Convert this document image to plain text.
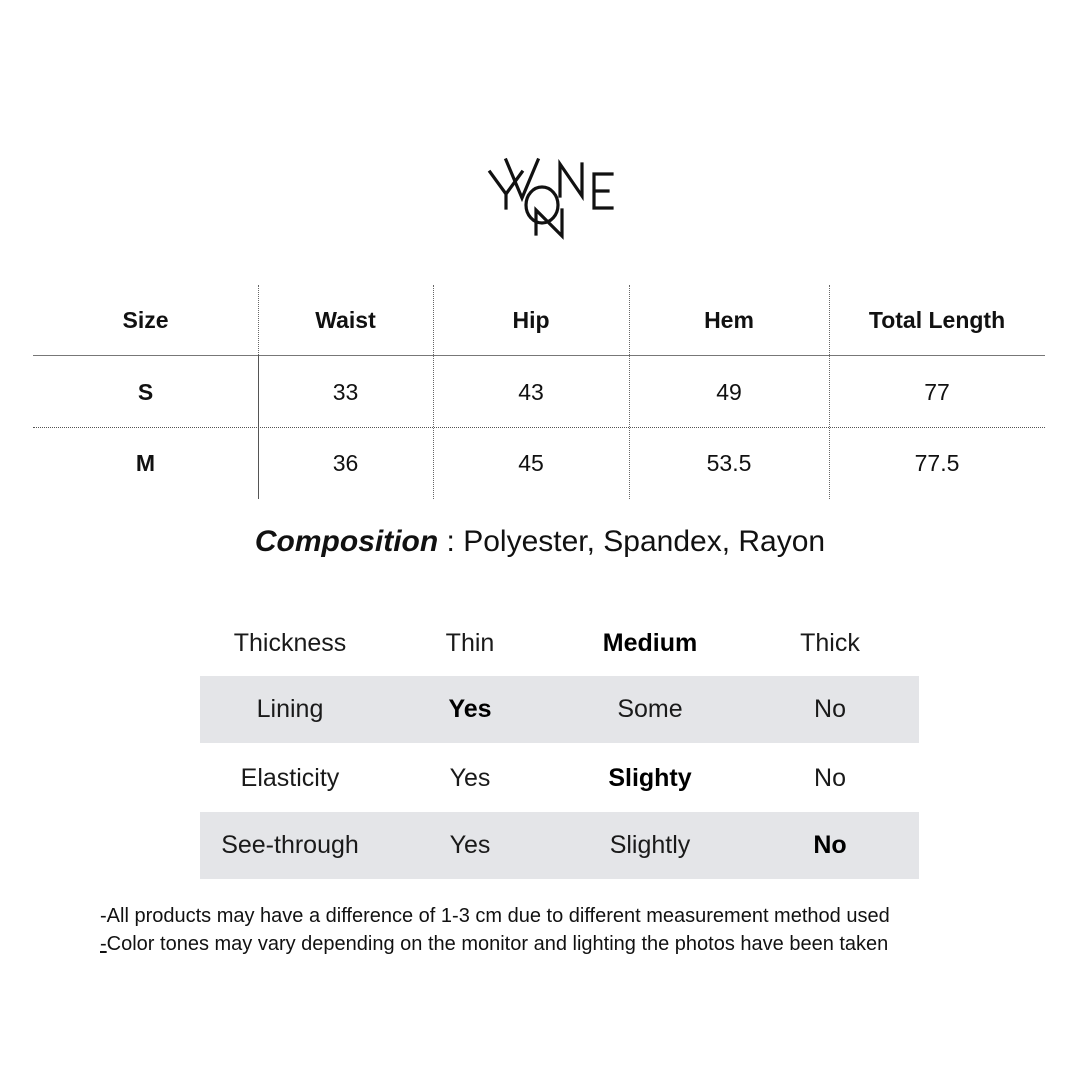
Size	Waist	Hip	Hem	Total Length
S	33	43	49	77
M	36	45	53.5	77.5
Composition : Polyester, Spandex, Rayon
Thickness	Thin	Medium	Thick
Lining	Yes	Some	No
Elasticity	Yes	Slighty	No
See-through	Yes	Slightly	No
-All products may have a difference of 1-3 cm due to different measurement method used
-Color tones may vary depending on the monitor and lighting the photos have been taken
